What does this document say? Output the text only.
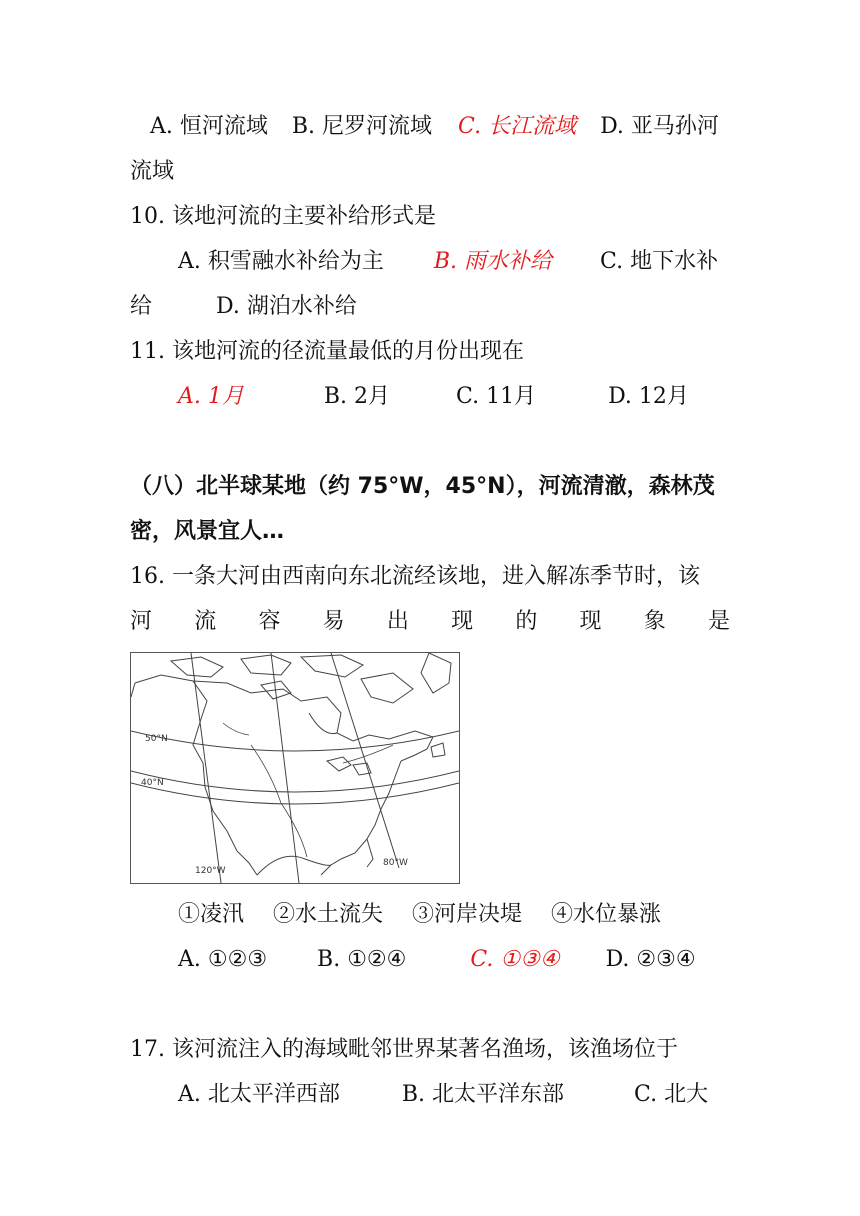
A. 恒河流域 B. 尼罗河流域 C. 长江流域 D. 亚马孙河
流域
10. 该地河流的主要补给形式是
A. 积雪融水补给为主 B. 雨水补给 C. 地下水补
给	D. 湖泊水补给
11. 该地河流的径流量最低的月份出现在
A. 1月	B. 2月	C. 11月	D. 12月
（八）北半球某地（约 75°W，45°N），河流清澈，森林茂
密，风景宜人…
16. 一条大河由西南向东北流经该地，进入解冻季节时，该
河 流 容 易 出 现 的 现 象 是
50°N
40°N
120°W
80°W
①凌汛　 ②水土流失　 ③河岸决堤　 ④水位暴涨
A. ①②③ B. ①②④	C. ①③④ D. ②③④
17. 该河流注入的海域毗邻世界某著名渔场，该渔场位于
A. 北太平洋西部	B. 北太平洋东部	C. 北大
